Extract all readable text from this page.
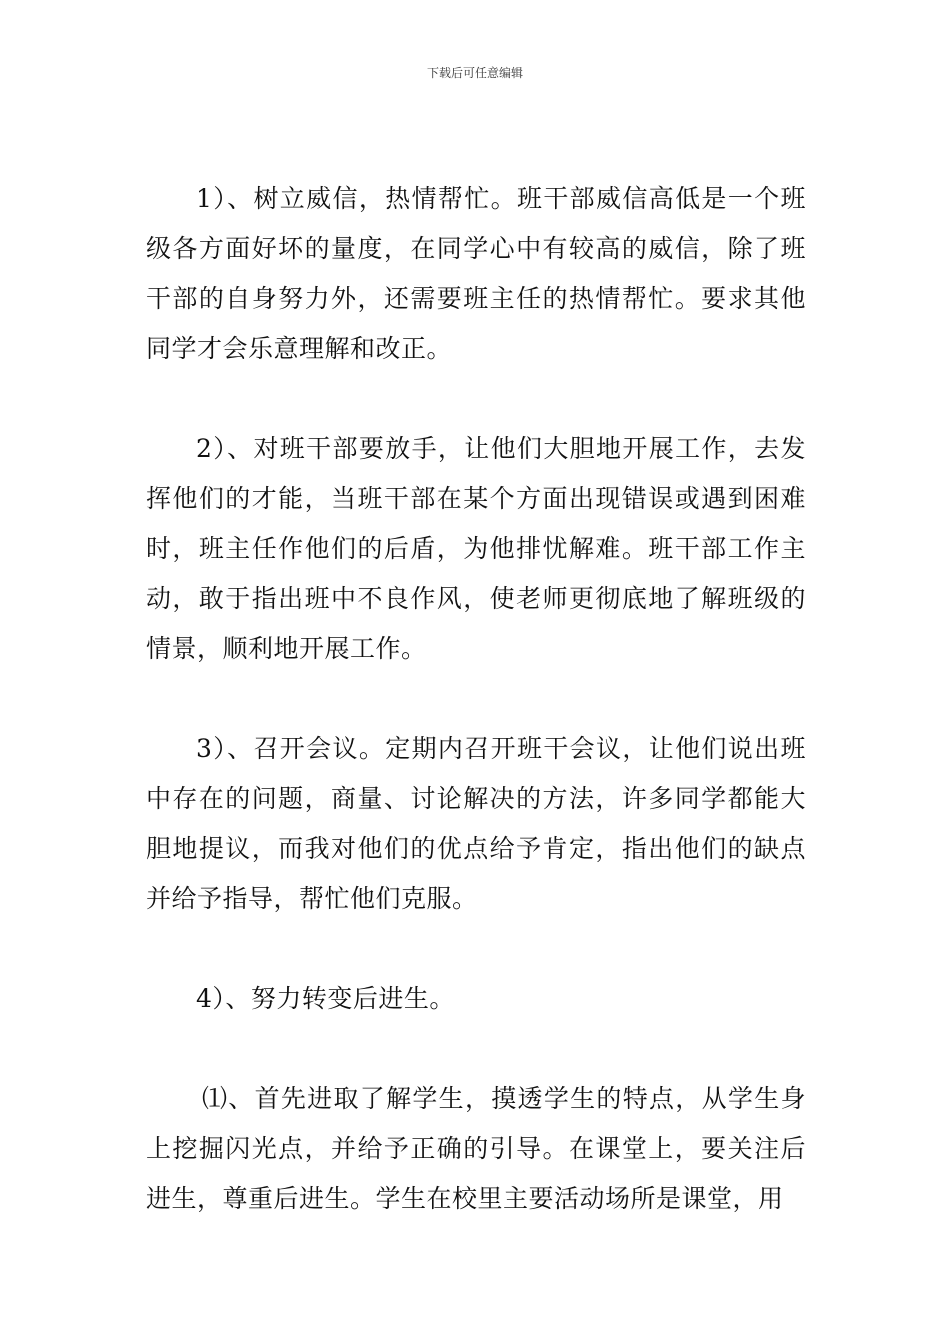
下载后可任意编辑

1）、树立威信，热情帮忙。班干部威信高低是一个班级各方面好坏的量度，在同学心中有较高的威信，除了班干部的自身努力外，还需要班主任的热情帮忙。要求其他同学才会乐意理解和改正。

2）、对班干部要放手，让他们大胆地开展工作，去发挥他们的才能，当班干部在某个方面出现错误或遇到困难时，班主任作他们的后盾，为他排忧解难。班干部工作主动，敢于指出班中不良作风，使老师更彻底地了解班级的情景，顺利地开展工作。

3）、召开会议。定期内召开班干会议，让他们说出班中存在的问题，商量、讨论解决的方法，许多同学都能大胆地提议，而我对他们的优点给予肯定，指出他们的缺点并给予指导，帮忙他们克服。

4）、努力转变后进生。

⑴、首先进取了解学生，摸透学生的特点，从学生身上挖掘闪光点，并给予正确的引导。在课堂上，要关注后进生，尊重后进生。学生在校里主要活动场所是课堂，用
